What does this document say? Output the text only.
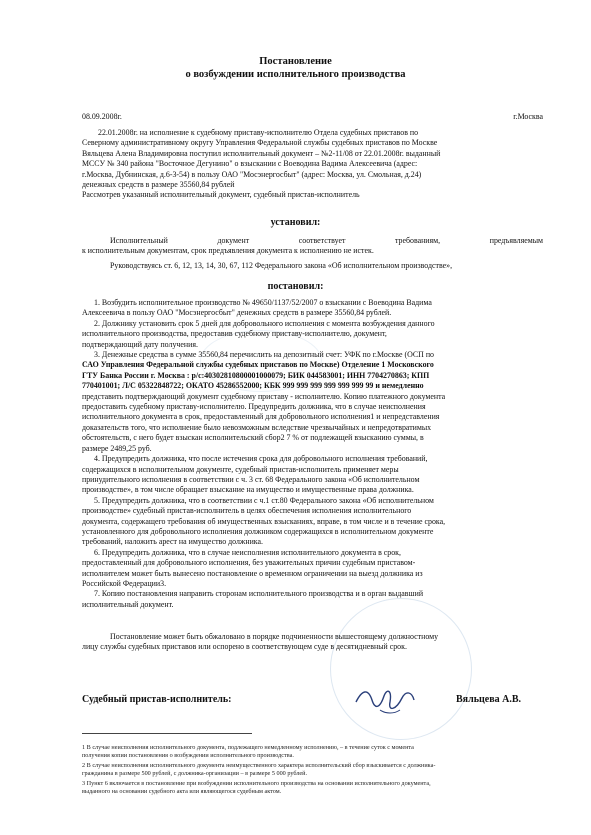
Постановление
о возбуждении исполнительного производства
08.09.2008г.	г.Москва
22.01.2008г. на исполнение к судебному приставу-исполнителю Отдела судебных приставов по
Северному административному округу Управления Федеральной службы судебных приставов по Москве
Вяльцева Алена Владимировна поступил исполнительный документ – №2-11/08 от 22.01.2008г. выданный
МССУ № 340 района "Восточное Дегунино" о взыскании с Воеводина Вадима Алексеевича (адрес:
г.Москва, Дубнинская, д.6-3-54) в пользу ОАО "Мосэнергосбыт" (адрес: Москва, ул. Смольная, д.24)
денежных средств в размере 35560,84 рублей
Рассмотрев указанный исполнительный документ, судебный пристав-исполнитель
установил:
Исполнительный документ соответствует требованиям, предъявляемым
к исполнительным документам, срок предъявления документа к исполнению не истек.
Руководствуясь ст. 6, 12, 13, 14, 30, 67, 112 Федерального закона «Об исполнительном производстве»,
постановил:
1. Возбудить исполнительное производство № 49650/1137/52/2007 о взыскании с Воеводина Вадима
Алексеевича в пользу ОАО "Мосэнергосбыт" денежных средств в размере 35560,84 рублей.
2. Должнику установить срок 5 дней для добровольного исполнения с момента возбуждения данного
исполнительного производства, предоставив судебному приставу-исполнителю, документ,
подтверждающий дату получения.
3. Денежные средства в сумме 35560,84 перечислить на депозитный счет: УФК по г.Москве (ОСП по
САО Управления Федеральной службы судебных приставов по Москве) Отделение 1 Московского
ГТУ Банка России г. Москва : р/с:40302810800001000079; БИК 044583001; ИНН 7704270863; КПП
770401001; Л/С 05322848722; ОКАТО 45286552000; КБК 999 999 999 999 999 999 99 и немедленно
представить подтверждающий документ судебному приставу - исполнителю. Копию платежного документа
предоставить судебному приставу-исполнителю. Предупредить должника, что в случае неисполнения
исполнительного документа в срок, предоставленный для добровольного исполнения1 и непредставления
доказательств того, что исполнение было невозможным вследствие чрезвычайных и непредотвратимых
обстоятельств, с него будет взыскан исполнительский сбор2 7 % от подлежащей взысканию суммы, в
размере 2489,25 руб.
4. Предупредить должника, что после истечения срока для добровольного исполнения требований,
содержащихся в исполнительном документе, судебный пристав-исполнитель применяет меры
принудительного исполнения в соответствии с ч. 3 ст. 68 Федерального закона «Об исполнительном
производстве», в том числе обращает взыскание на имущество и имущественные права должника.
5. Предупредить должника, что в соответствии с ч.1 ст.80 Федерального закона «Об исполнительном
производстве» судебный пристав-исполнитель в целях обеспечения исполнения исполнительного
документа, содержащего требования об имущественных взысканиях, вправе, в том числе и в течение срока,
установленного для добровольного исполнения должником содержащихся в исполнительном документе
требований, наложить арест на имущество должника.
6. Предупредить должника, что в случае неисполнения исполнительного документа в срок,
предоставленный для добровольного исполнения, без уважительных причин судебным приставом-
исполнителем может быть вынесено постановление о временном ограничении на выезд должника из
Российской Федерации3.
7. Копию постановления направить сторонам исполнительного производства и в орган выдавший
исполнительный документ.
Постановление может быть обжаловано в порядке подчиненности вышестоящему должностному
лицу службы судебных приставов или оспорено в соответствующем суде в десятидневный срок.
Судебный пристав-исполнитель:	Вяльцева А.В.
1 В случае неисполнения исполнительного документа, подлежащего немедленному исполнению, – в течение суток с момента
получения копии постановления о возбуждении исполнительного производства.
2 В случае неисполнения исполнительного документа неимущественного характера исполнительский сбор взыскивается с должника-
гражданина в размере 500 рублей, с должника-организации – в размере 5 000 рублей.
3 Пункт 6 включается в постановление при возбуждении исполнительного производства на основании исполнительного документа,
выданного на основании судебного акта или являющегося судебным актом.
